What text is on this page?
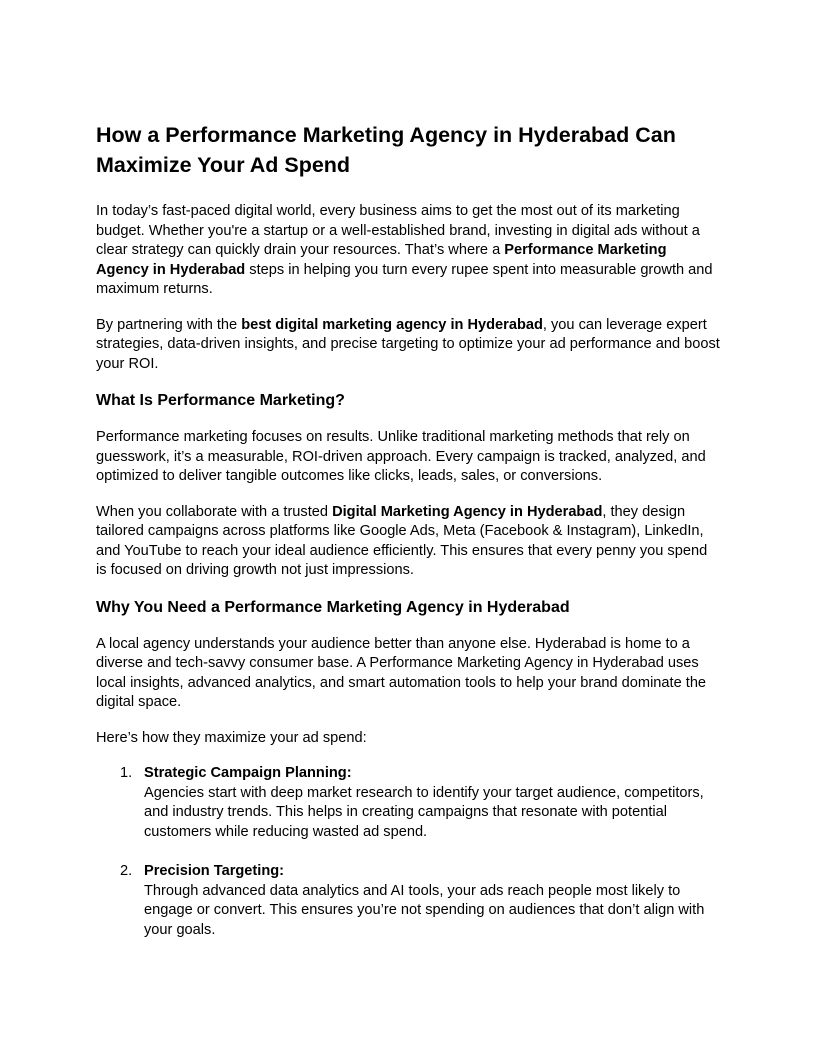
How a Performance Marketing Agency in Hyderabad Can Maximize Your Ad Spend

In today’s fast-paced digital world, every business aims to get the most out of its marketing budget. Whether you're a startup or a well-established brand, investing in digital ads without a clear strategy can quickly drain your resources. That’s where a Performance Marketing Agency in Hyderabad steps in helping you turn every rupee spent into measurable growth and maximum returns.

By partnering with the best digital marketing agency in Hyderabad, you can leverage expert strategies, data-driven insights, and precise targeting to optimize your ad performance and boost your ROI.

What Is Performance Marketing?

Performance marketing focuses on results. Unlike traditional marketing methods that rely on guesswork, it’s a measurable, ROI-driven approach. Every campaign is tracked, analyzed, and optimized to deliver tangible outcomes like clicks, leads, sales, or conversions.

When you collaborate with a trusted Digital Marketing Agency in Hyderabad, they design tailored campaigns across platforms like Google Ads, Meta (Facebook & Instagram), LinkedIn, and YouTube to reach your ideal audience efficiently. This ensures that every penny you spend is focused on driving growth not just impressions.

Why You Need a Performance Marketing Agency in Hyderabad

A local agency understands your audience better than anyone else. Hyderabad is home to a diverse and tech-savvy consumer base. A Performance Marketing Agency in Hyderabad uses local insights, advanced analytics, and smart automation tools to help your brand dominate the digital space.

Here’s how they maximize your ad spend:

1. Strategic Campaign Planning:
Agencies start with deep market research to identify your target audience, competitors, and industry trends. This helps in creating campaigns that resonate with potential customers while reducing wasted ad spend.
2. Precision Targeting:
Through advanced data analytics and AI tools, your ads reach people most likely to engage or convert. This ensures you’re not spending on audiences that don’t align with your goals.
